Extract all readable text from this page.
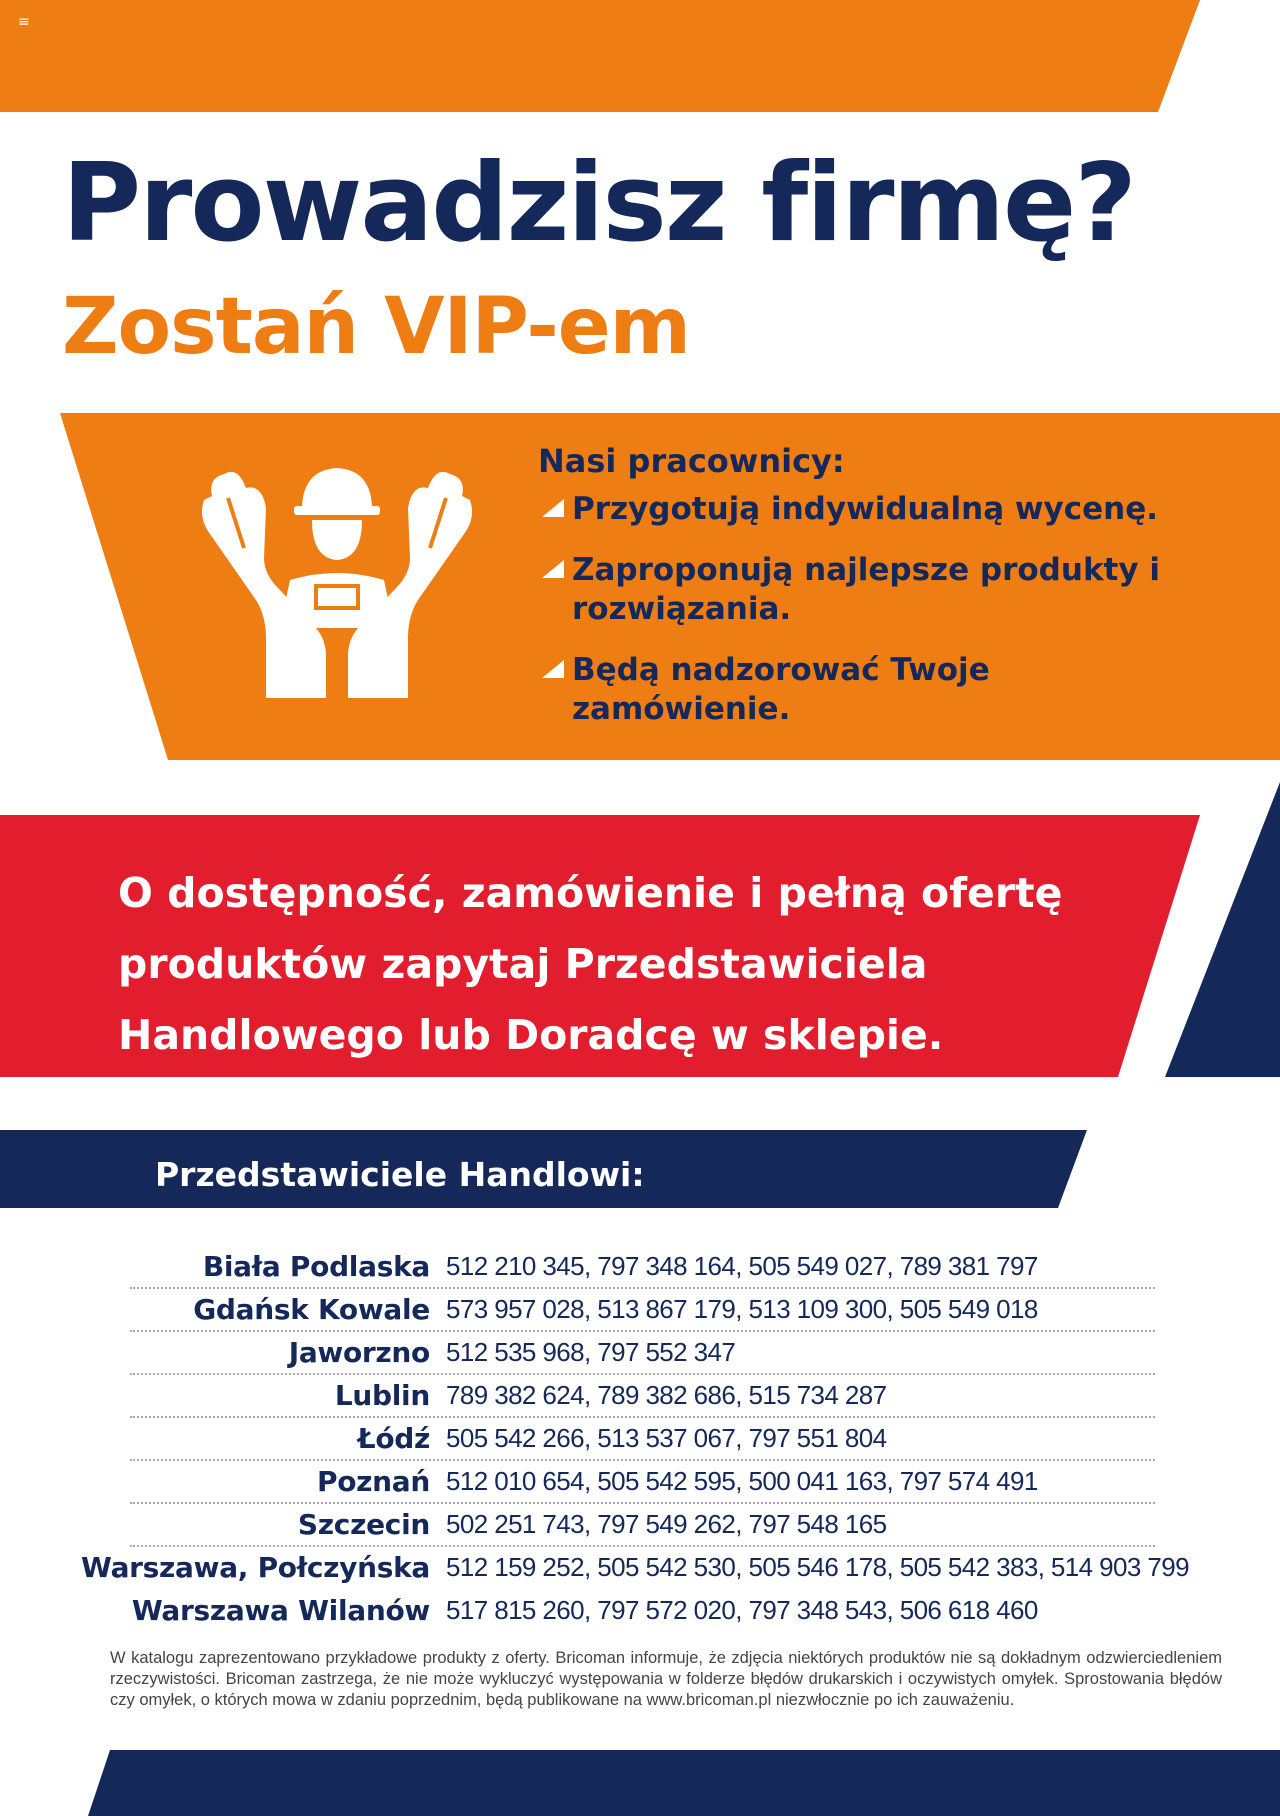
≡
Prowadzisz firmę?
Zostań VIP-em
Nasi pracownicy:
Przygotują indywidualną wycenę.
Zaproponują najlepsze produkty i rozwiązania.
Będą nadzorować Twoje zamówienie.
O dostępność, zamówienie i pełną ofertę produktów zapytaj Przedstawiciela Handlowego lub Doradcę w sklepie.
Przedstawiciele Handlowi:
Biała Podlaska 512 210 345, 797 348 164, 505 549 027, 789 381 797
Gdańsk Kowale 573 957 028, 513 867 179, 513 109 300, 505 549 018
Jaworzno 512 535 968, 797 552 347
Lublin 789 382 624, 789 382 686, 515 734 287
Łódź 505 542 266, 513 537 067, 797 551 804
Poznań 512 010 654, 505 542 595, 500 041 163, 797 574 491
Szczecin 502 251 743, 797 549 262, 797 548 165
Warszawa, Połczyńska 512 159 252, 505 542 530, 505 546 178, 505 542 383, 514 903 799
Warszawa Wilanów 517 815 260, 797 572 020, 797 348 543, 506 618 460
W katalogu zaprezentowano przykładowe produkty z oferty. Bricoman informuje, że zdjęcia niektórych produktów nie są dokładnym odzwierciedleniem rzeczywistości. Bricoman zastrzega, że nie może wykluczyć występowania w folderze błędów drukarskich i oczywistych omyłek. Sprostowania błędów czy omyłek, o których mowa w zdaniu poprzednim, będą publikowane na www.bricoman.pl niezwłocznie po ich zauważeniu.
